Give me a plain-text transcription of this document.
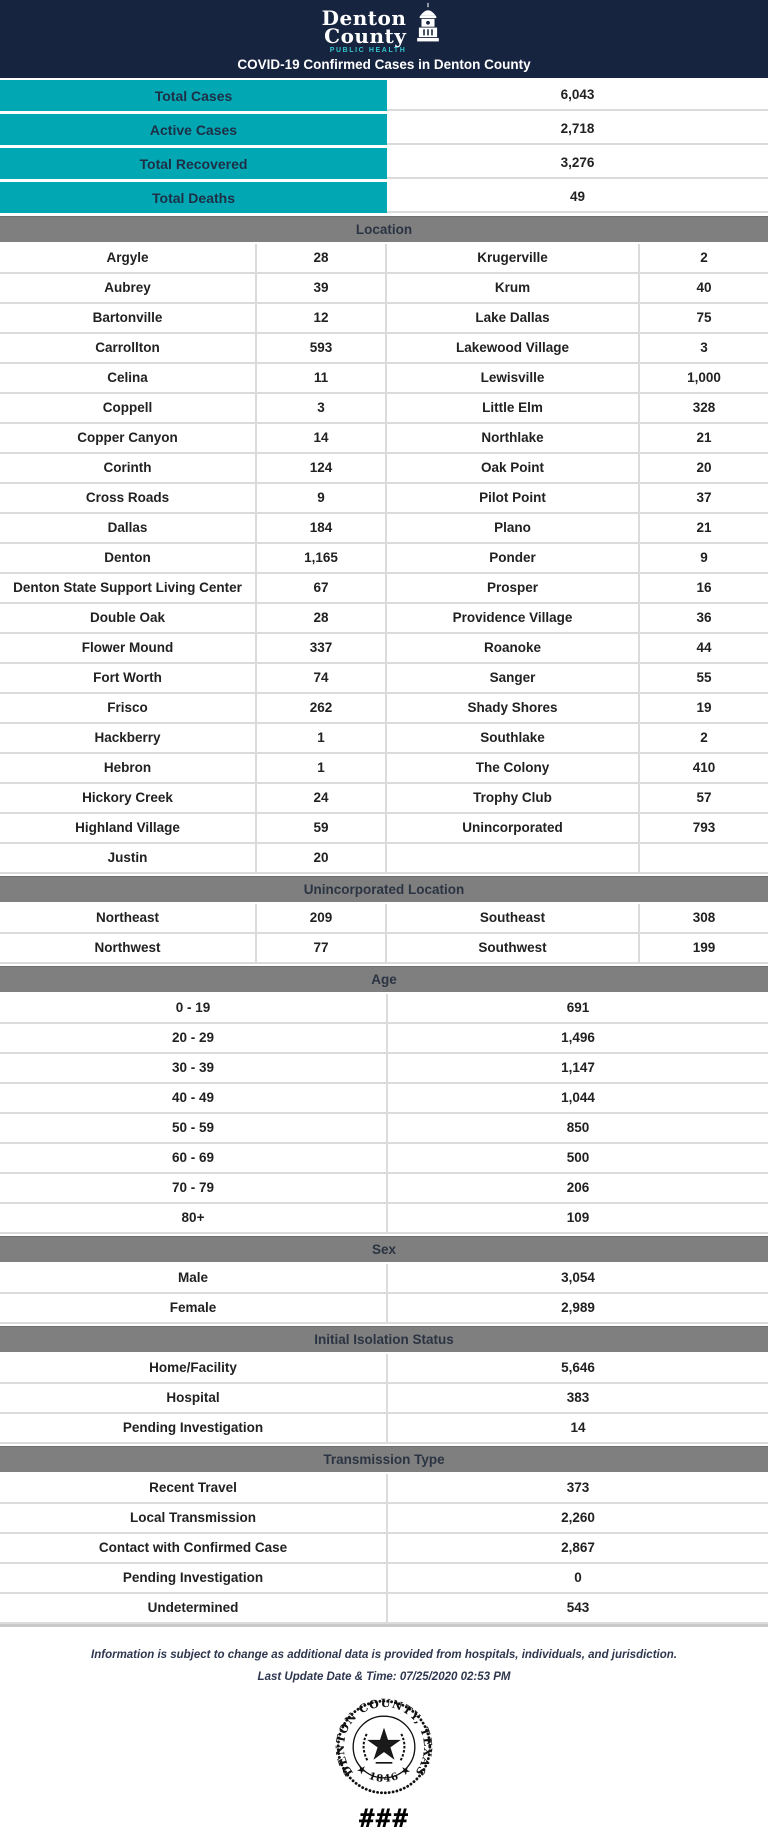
Denton
County
PUBLIC HEALTH
COVID-19 Confirmed Cases in Denton County
Total Cases	6,043
Active Cases	2,718
Total Recovered	3,276
Total Deaths	49
Location
Argyle	28	Krugerville	2
Aubrey	39	Krum	40
Bartonville	12	Lake Dallas	75
Carrollton	593	Lakewood Village	3
Celina	11	Lewisville	1,000
Coppell	3	Little Elm	328
Copper Canyon	14	Northlake	21
Corinth	124	Oak Point	20
Cross Roads	9	Pilot Point	37
Dallas	184	Plano	21
Denton	1,165	Ponder	9
Denton State Support Living Center	67	Prosper	16
Double Oak	28	Providence Village	36
Flower Mound	337	Roanoke	44
Fort Worth	74	Sanger	55
Frisco	262	Shady Shores	19
Hackberry	1	Southlake	2
Hebron	1	The Colony	410
Hickory Creek	24	Trophy Club	57
Highland Village	59	Unincorporated	793
Justin	20
Unincorporated Location
Northeast	209	Southeast	308
Northwest	77	Southwest	199
Age
0 - 19	691
20 - 29	1,496
30 - 39	1,147
40 - 49	1,044
50 - 59	850
60 - 69	500
70 - 79	206
80+	109
Sex
Male	3,054
Female	2,989
Initial Isolation Status
Home/Facility	5,646
Hospital	383
Pending Investigation	14
Transmission Type
Recent Travel	373
Local Transmission	2,260
Contact with Confirmed Case	2,867
Pending Investigation	0
Undetermined	543
Information is subject to change as additional data is provided from hospitals, individuals, and jurisdiction.
Last Update Date & Time: 07/25/2020 02:53 PM
DENTON COUNTY, TEXAS
★ 1846 ★
###
